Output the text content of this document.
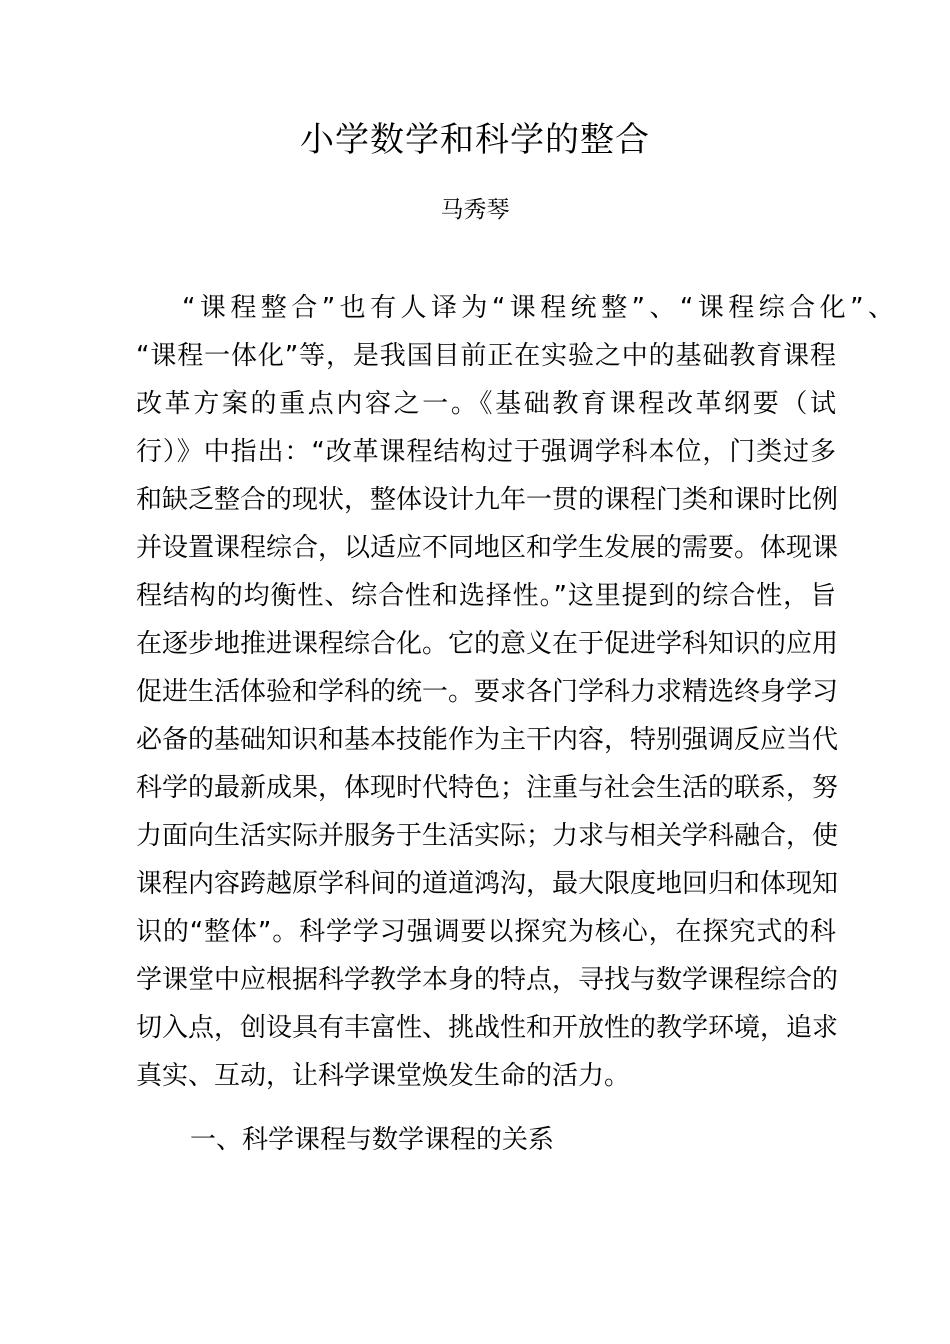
小学数学和科学的整合
马秀琴
“课程整合”也有人译为“课程统整”、“课程综合化”、
“课程一体化”等，是我国目前正在实验之中的基础教育课程
改革方案的重点内容之一。《基础教育课程改革纲要（试
行）》中指出：“改革课程结构过于强调学科本位，门类过多
和缺乏整合的现状，整体设计九年一贯的课程门类和课时比例
并设置课程综合，以适应不同地区和学生发展的需要。体现课
程结构的均衡性、综合性和选择性。”这里提到的综合性，旨
在逐步地推进课程综合化。它的意义在于促进学科知识的应用
促进生活体验和学科的统一。要求各门学科力求精选终身学习
必备的基础知识和基本技能作为主干内容，特别强调反应当代
科学的最新成果，体现时代特色；注重与社会生活的联系，努
力面向生活实际并服务于生活实际；力求与相关学科融合，使
课程内容跨越原学科间的道道鸿沟，最大限度地回归和体现知
识的“整体”。科学学习强调要以探究为核心，在探究式的科
学课堂中应根据科学教学本身的特点，寻找与数学课程综合的
切入点，创设具有丰富性、挑战性和开放性的教学环境，追求
真实、互动，让科学课堂焕发生命的活力。
一、科学课程与数学课程的关系
